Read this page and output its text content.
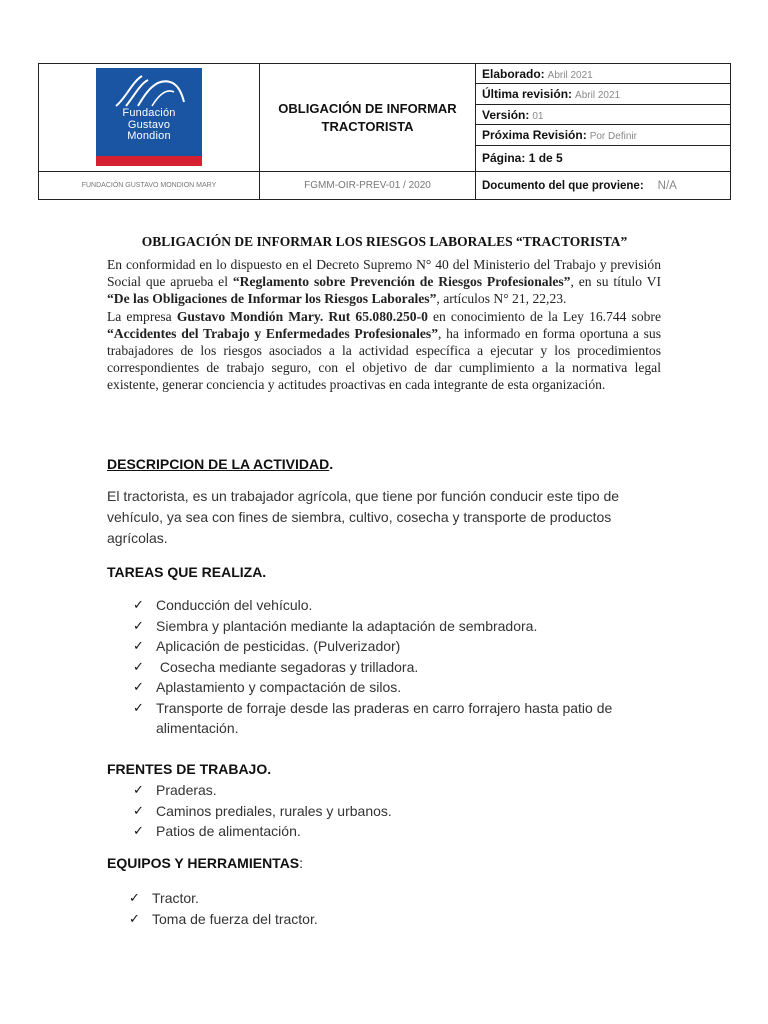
Fundación
Gustavo
Mondion
OBLIGACIÓN DE INFORMAR TRACTORISTA
Elaborado: Abril 2021
Última revisión: Abril 2021
Versión: 01
Próxima Revisión: Por Definir
Página: 1 de 5
FUNDACIÓN GUSTAVO MONDION MARY	FGMM-OIR-PREV-01 / 2020	Documento del que proviene: N/A
OBLIGACIÓN DE INFORMAR LOS RIESGOS LABORALES “TRACTORISTA”

En conformidad en lo dispuesto en el Decreto Supremo N° 40 del Ministerio del Trabajo y previsión Social que aprueba el “Reglamento sobre Prevención de Riesgos Profesionales”, en su título VI “De las Obligaciones de Informar los Riesgos Laborales”, artículos N° 21, 22,23.

La empresa Gustavo Mondión Mary. Rut 65.080.250-0 en conocimiento de la Ley 16.744 sobre “Accidentes del Trabajo y Enfermedades Profesionales”, ha informado en forma oportuna a sus trabajadores de los riesgos asociados a la actividad específica a ejecutar y los procedimientos correspondientes de trabajo seguro, con el objetivo de dar cumplimiento a la normativa legal existente, generar conciencia y actitudes proactivas en cada integrante de esta organización.

DESCRIPCION DE LA ACTIVIDAD.
El tractorista, es un trabajador agrícola, que tiene por función conducir este tipo de vehículo, ya sea con fines de siembra, cultivo, cosecha y transporte de productos agrícolas.
TAREAS QUE REALIZA.
✓ Conducción del vehículo.
✓ Siembra y plantación mediante la adaptación de sembradora.
✓ Aplicación de pesticidas. (Pulverizador)
✓ Cosecha mediante segadoras y trilladora.
✓ Aplastamiento y compactación de silos.
✓ Transporte de forraje desde las praderas en carro forrajero hasta patio de alimentación.
FRENTES DE TRABAJO.
✓ Praderas.
✓ Caminos prediales, rurales y urbanos.
✓ Patios de alimentación.
EQUIPOS Y HERRAMIENTAS:
✓ Tractor.
✓ Toma de fuerza del tractor.
